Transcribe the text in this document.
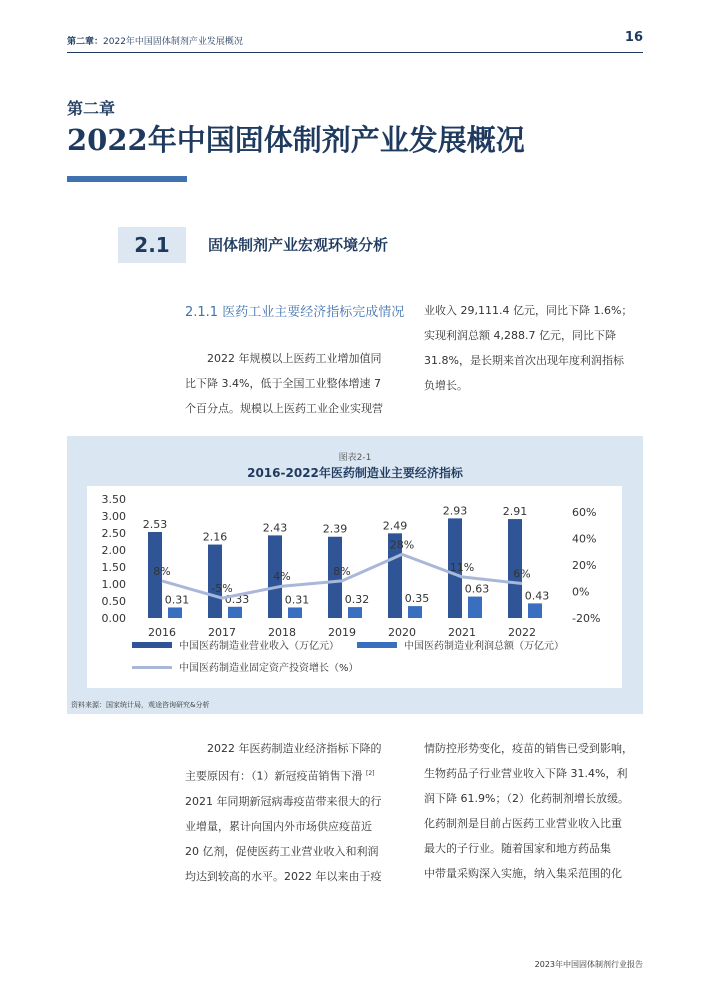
第二章：2022年中国固体制剂产业发展概况	16
第二章
2022年中国固体制剂产业发展概况
2.1	固体制剂产业宏观环境分析
2.1.1 医药工业主要经济指标完成情况
　　2022 年规模以上医药工业增加值同
比下降 3.4%，低于全国工业整体增速 7
个百分点。规模以上医药工业企业实现营
业收入 29,111.4 亿元，同比下降 1.6%；
实现利润总额 4,288.7 亿元，同比下降
31.8%，是长期来首次出现年度利润指标
负增长。
图表2-1
2016-2022年医药制造业主要经济指标
0.00
0.50
1.00
1.50
2.00
2.50
3.00
3.50
-20%
0%
20%
40%
60%
2.53
0.31
2016
2.16
0.33
2017
2.43
0.31
2018
2.39
0.32
2019
2.49
0.35
2020
2.93
0.63
2021
2.91
0.43
2022
8%
-5%
4%	8%
28%
11%
6%
中国医药制造业营业收入（万亿元）	中国医药制造业利润总额（万亿元）
中国医药制造业固定资产投资增长（%）
资料来源：国家统计局，观途咨询研究&分析
　　2022 年医药制造业经济指标下降的
主要原因有：（1）新冠疫苗销售下滑 [2]
2021 年同期新冠病毒疫苗带来很大的行
业增量，累计向国内外市场供应疫苗近
20 亿剂，促使医药工业营业收入和利润
均达到较高的水平。2022 年以来由于疫
情防控形势变化，疫苗的销售已受到影响，
生物药品子行业营业收入下降 31.4%，利
润下降 61.9%；（2）化药制剂增长放缓。
化药制剂是目前占医药工业营业收入比重
最大的子行业。随着国家和地方药品集
中带量采购深入实施，纳入集采范围的化
2023年中国固体制剂行业报告
